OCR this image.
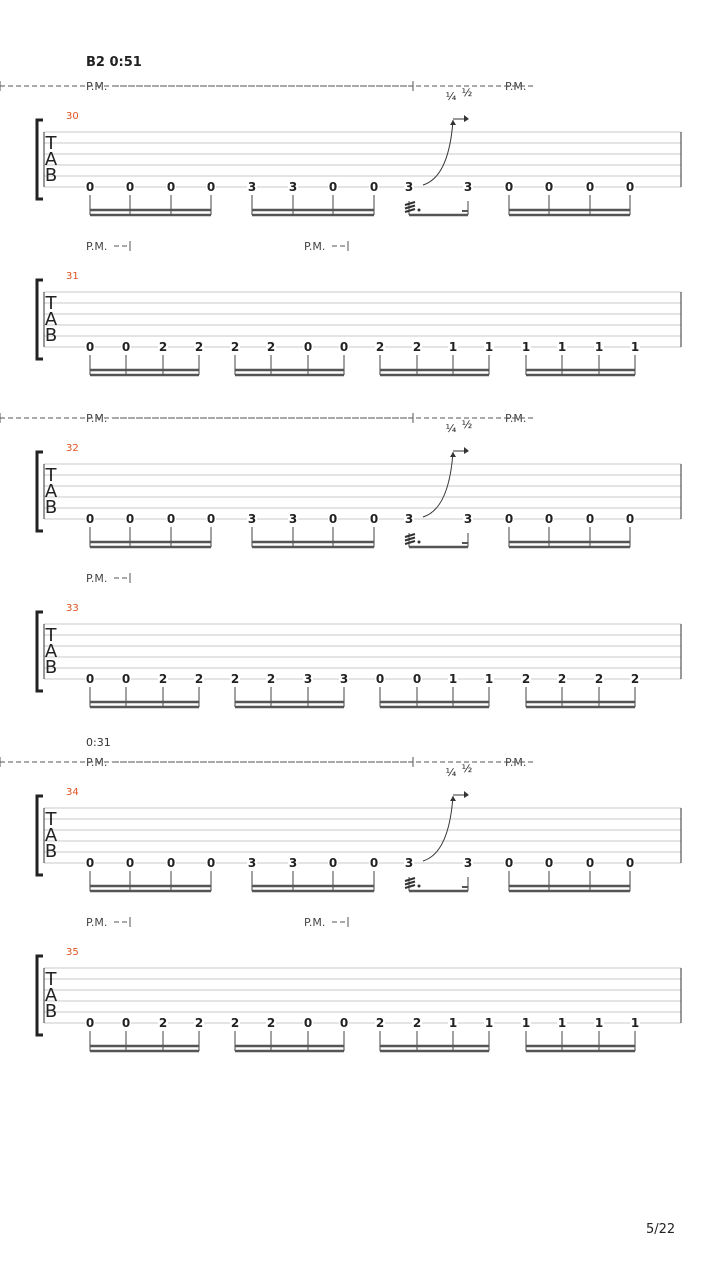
B2 0:51
T
A
B
30
P.M.	P.M.
0	0	0	0	3	3	0	0 3	3	0	0	0	0
¼ ½
T
A
B
31
P.M.	P.M.
0 0 2 2 2 2 0 0 2 2 1 1 1 1 1 1
T
A
B
32
P.M.	P.M.
0	0	0	0	3	3	0	0 3	3	0	0	0	0
¼ ½
T
A
B
33
P.M.
0 0 2 2 2 2 3 3 0 0 1 1 2 2 2 2
T
A
B
34
0:31
P.M.	P.M.
0	0	0	0	3	3	0	0 3	3	0	0	0	0
¼ ½
T
A
B
35
P.M.	P.M.
0 0 2 2 2 2 0 0 2 2 1 1 1 1 1 1
5/22
